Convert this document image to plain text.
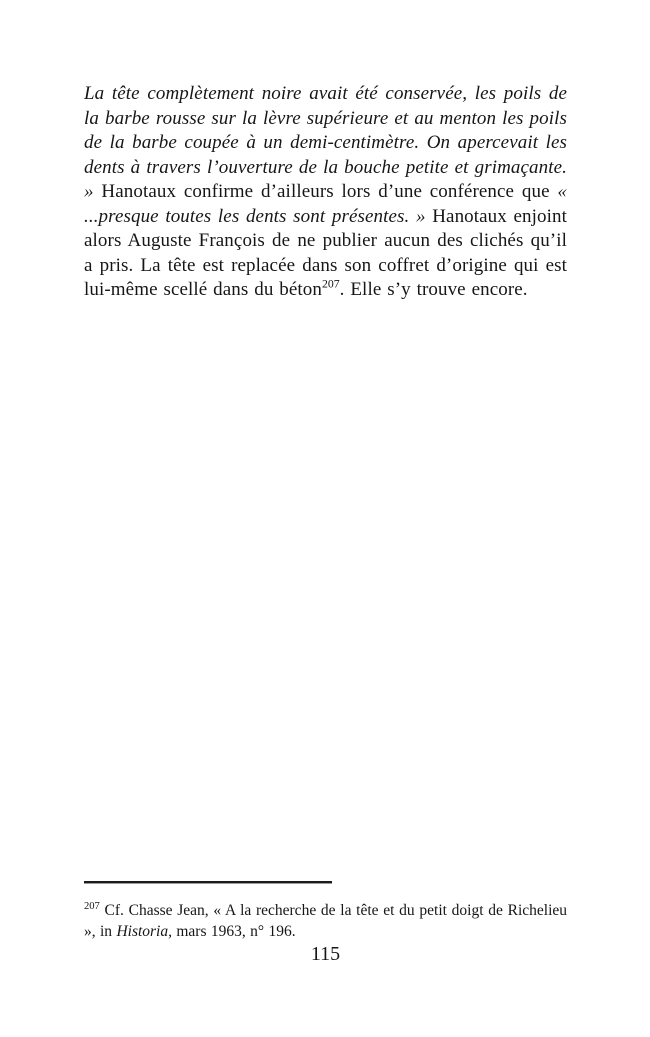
La tête complètement noire avait été conservée, les poils de la barbe rousse sur la lèvre supérieure et au menton les poils de la barbe coupée à un demi-centimètre. On apercevait les dents à travers l’ouverture de la bouche petite et grimaçante. » Hanotaux confirme d’ailleurs lors d’une conférence que « ...presque toutes les dents sont présentes. » Hanotaux enjoint alors Auguste François de ne publier aucun des clichés qu’il a pris. La tête est replacée dans son coffret d’origine qui est lui-même scellé dans du béton$^{207}$. Elle s’y trouve encore.

$^{207}$ Cf. Chasse Jean, « A la recherche de la tête et du petit doigt de Richelieu », in Historia, mars 1963, n° 196.

115
